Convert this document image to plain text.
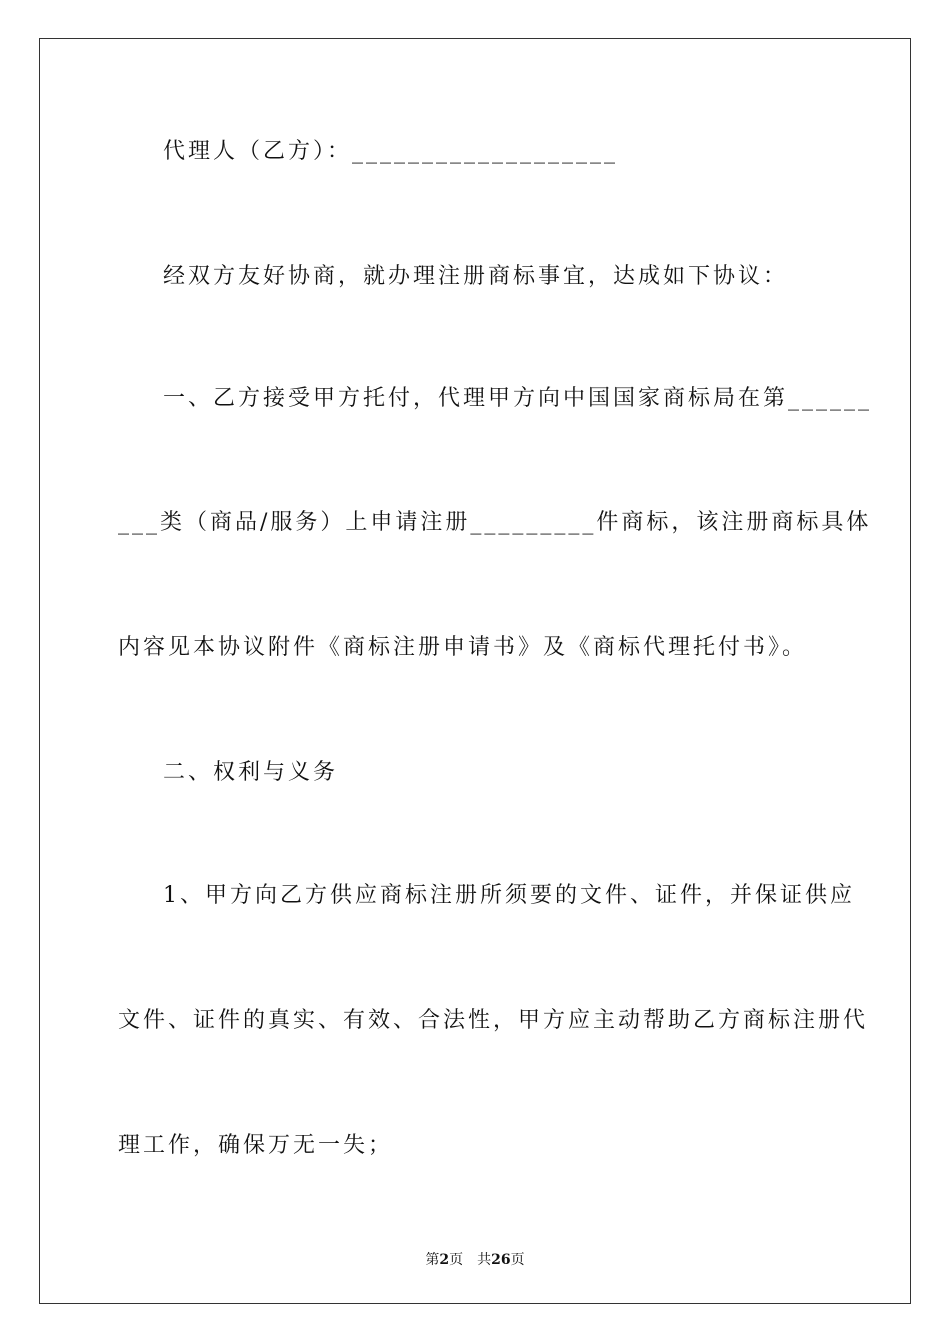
代理人（乙方）：___________________
经双方友好协商，就办理注册商标事宜，达成如下协议：
一、乙方接受甲方托付，代理甲方向中国国家商标局在第______
___类（商品/服务）上申请注册_________件商标，该注册商标具体
内容见本协议附件《商标注册申请书》及《商标代理托付书》。
二、权利与义务
1、甲方向乙方供应商标注册所须要的文件、证件，并保证供应
文件、证件的真实、有效、合法性，甲方应主动帮助乙方商标注册代
理工作，确保万无一失；
第2页 共26页
